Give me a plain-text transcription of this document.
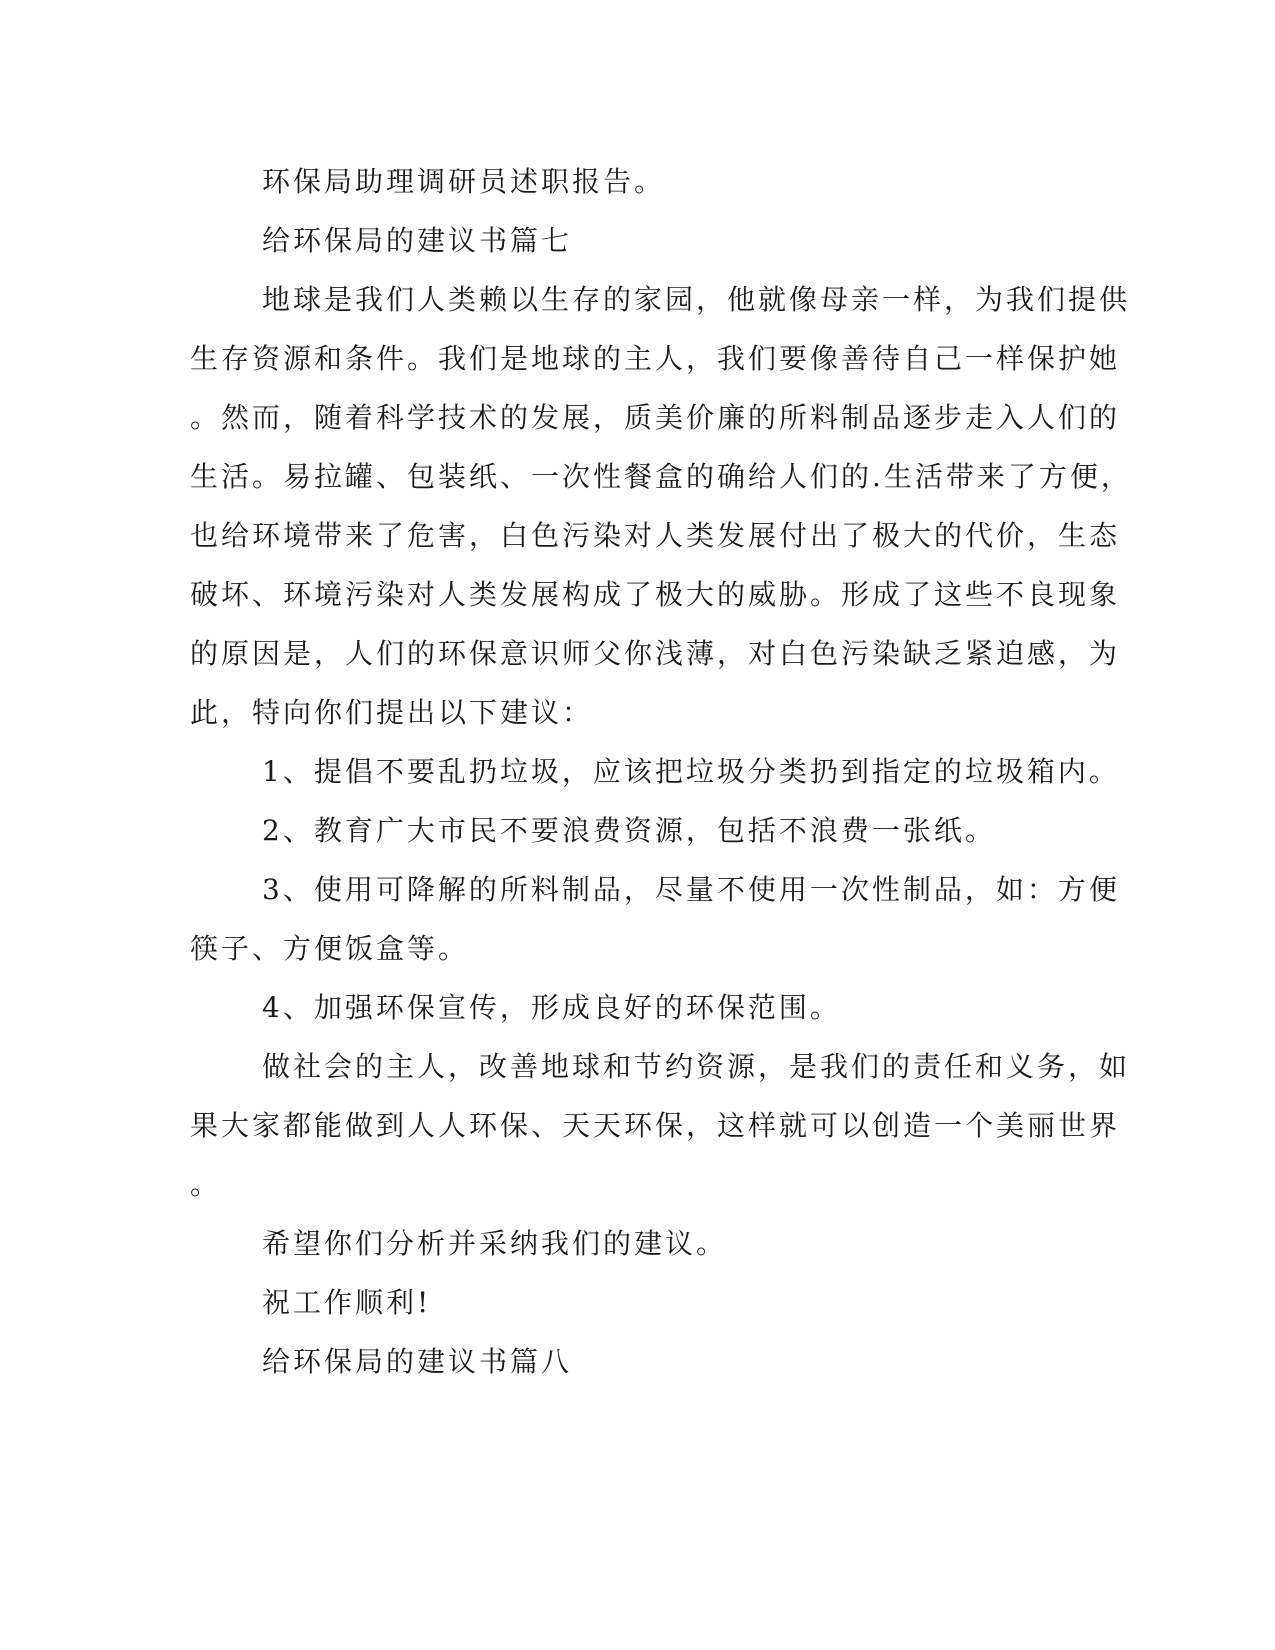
环保局助理调研员述职报告。
给环保局的建议书篇七
地球是我们人类赖以生存的家园，他就像母亲一样，为我们提供
生存资源和条件。我们是地球的主人，我们要像善待自己一样保护她
。然而，随着科学技术的发展，质美价廉的所料制品逐步走入人们的
生活。易拉罐、包装纸、一次性餐盒的确给人们的.生活带来了方便，
也给环境带来了危害，白色污染对人类发展付出了极大的代价，生态
破坏、环境污染对人类发展构成了极大的威胁。形成了这些不良现象
的原因是，人们的环保意识师父你浅薄，对白色污染缺乏紧迫感，为
此，特向你们提出以下建议：
1、提倡不要乱扔垃圾，应该把垃圾分类扔到指定的垃圾箱内。
2、教育广大市民不要浪费资源，包括不浪费一张纸。
3、使用可降解的所料制品，尽量不使用一次性制品，如：方便
筷子、方便饭盒等。
4、加强环保宣传，形成良好的环保范围。
做社会的主人，改善地球和节约资源，是我们的责任和义务，如
果大家都能做到人人环保、天天环保，这样就可以创造一个美丽世界
。
希望你们分析并采纳我们的建议。
祝工作顺利!
给环保局的建议书篇八
